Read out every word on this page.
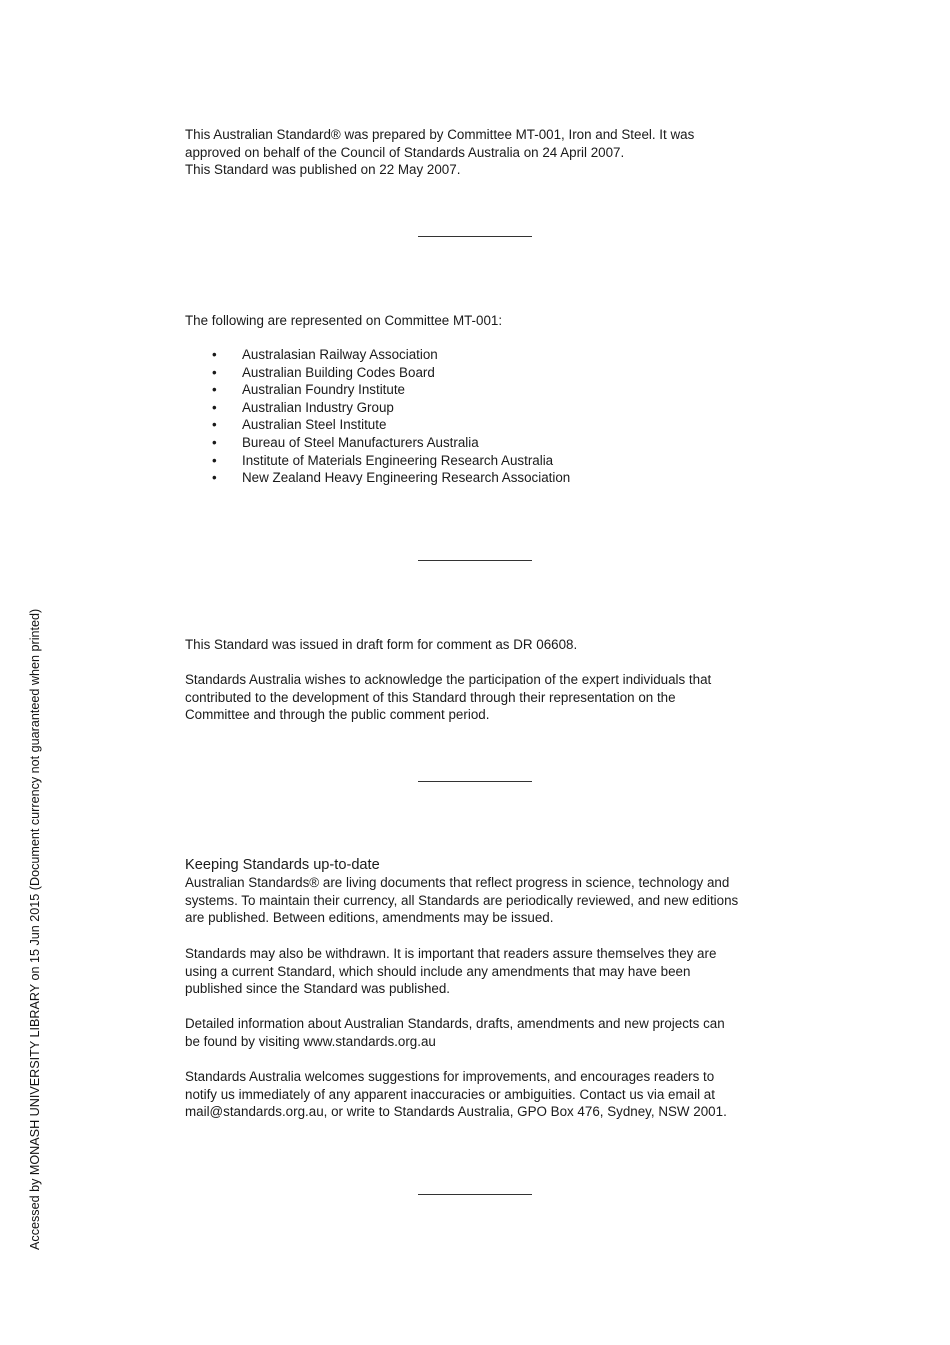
This Australian Standard® was prepared by Committee MT-001, Iron and Steel. It was
approved on behalf of the Council of Standards Australia on 24 April 2007.
This Standard was published on 22 May 2007.
The following are represented on Committee MT-001:
• Australasian Railway Association
• Australian Building Codes Board
• Australian Foundry Institute
• Australian Industry Group
• Australian Steel Institute
• Bureau of Steel Manufacturers Australia
• Institute of Materials Engineering Research Australia
• New Zealand Heavy Engineering Research Association
This Standard was issued in draft form for comment as DR 06608.
Standards Australia wishes to acknowledge the participation of the expert individuals that
contributed to the development of this Standard through their representation on the
Committee and through the public comment period.
Keeping Standards up-to-date
Australian Standards® are living documents that reflect progress in science, technology and
systems. To maintain their currency, all Standards are periodically reviewed, and new editions
are published. Between editions, amendments may be issued.
Standards may also be withdrawn. It is important that readers assure themselves they are
using a current Standard, which should include any amendments that may have been
published since the Standard was published.
Detailed information about Australian Standards, drafts, amendments and new projects can
be found by visiting www.standards.org.au
Standards Australia welcomes suggestions for improvements, and encourages readers to
notify us immediately of any apparent inaccuracies or ambiguities. Contact us via email at
mail@standards.org.au, or write to Standards Australia, GPO Box 476, Sydney, NSW 2001.
Accessed by MONASH UNIVERSITY LIBRARY on 15 Jun 2015 (Document currency not guaranteed when printed)
